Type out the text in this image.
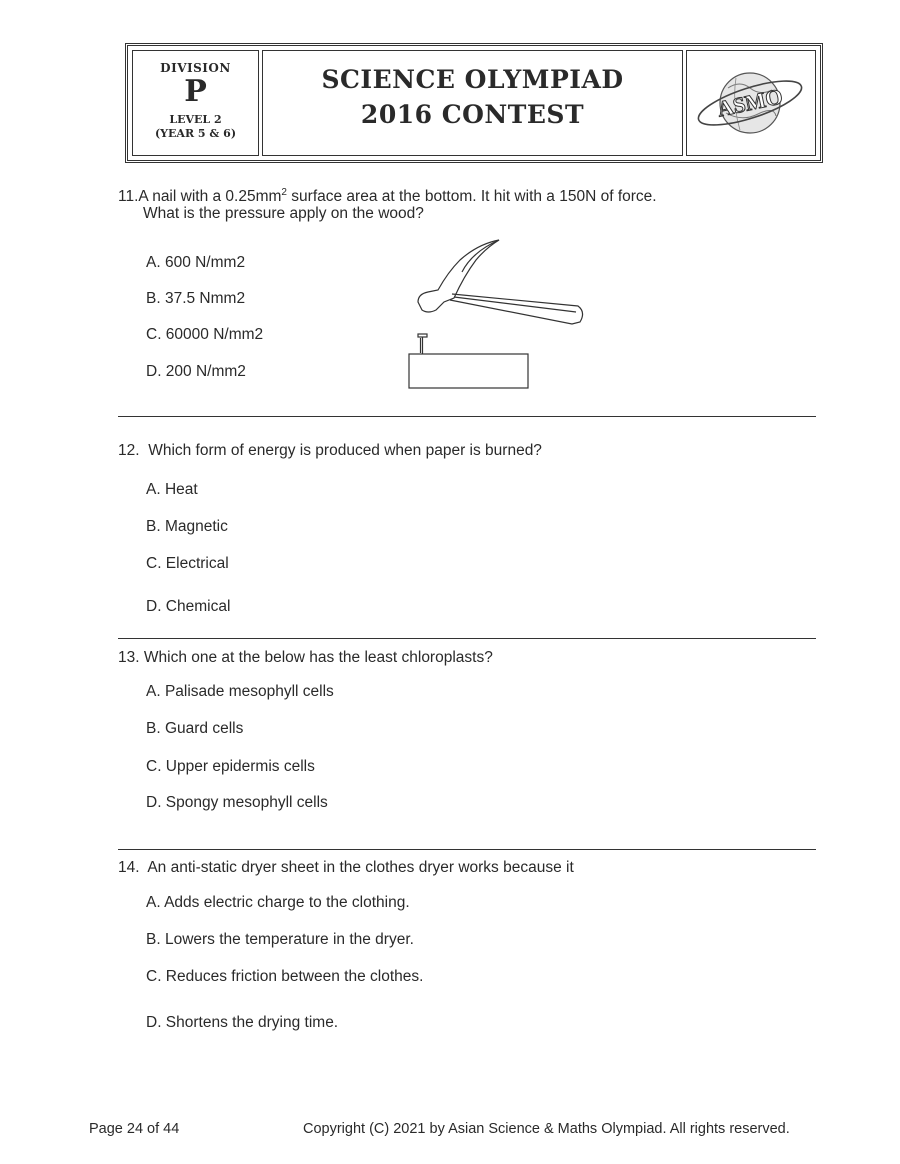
DIVISION
P
LEVEL 2
(YEAR 5 & 6)
SCIENCE OLYMPIAD
2016 CONTEST	ASMO
11.A nail with a $0.25mm^2$ surface area at the bottom. It hit with a 150N of force.
What is the pressure apply on the wood?
A. 600 N/mm2
B. 37.5 Nmm2
C. 60000 N/mm2
D. 200 N/mm2
12. Which form of energy is produced when paper is burned?
A. Heat
B. Magnetic
C. Electrical
D. Chemical
13. Which one at the below has the least chloroplasts?
A. Palisade mesophyll cells
B. Guard cells
C. Upper epidermis cells
D. Spongy mesophyll cells
14. An anti-static dryer sheet in the clothes dryer works because it
A. Adds electric charge to the clothing.
B. Lowers the temperature in the dryer.
C. Reduces friction between the clothes.
D. Shortens the drying time.
Page 24 of 44	Copyright (C) 2021 by Asian Science & Maths Olympiad. All rights reserved.
